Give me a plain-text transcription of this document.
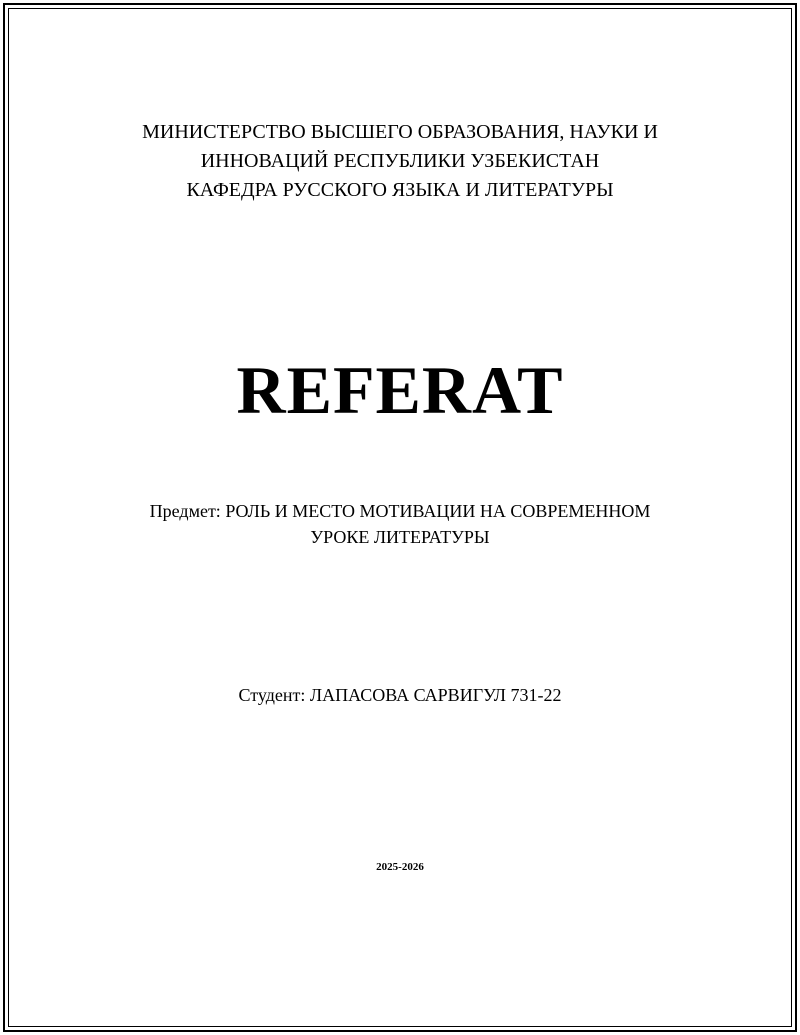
МИНИСТЕРСТВО ВЫСШЕГО ОБРАЗОВАНИЯ, НАУКИ И
ИННОВАЦИЙ РЕСПУБЛИКИ УЗБЕКИСТАН
КАФЕДРА РУССКОГО ЯЗЫКА И ЛИТЕРАТУРЫ
REFERAT
Предмет: РОЛЬ И МЕСТО МОТИВАЦИИ НА СОВРЕМЕННОМ
УРОКЕ ЛИТЕРАТУРЫ
Студент: ЛАПАСОВА САРВИГУЛ 731-22
2025-2026
